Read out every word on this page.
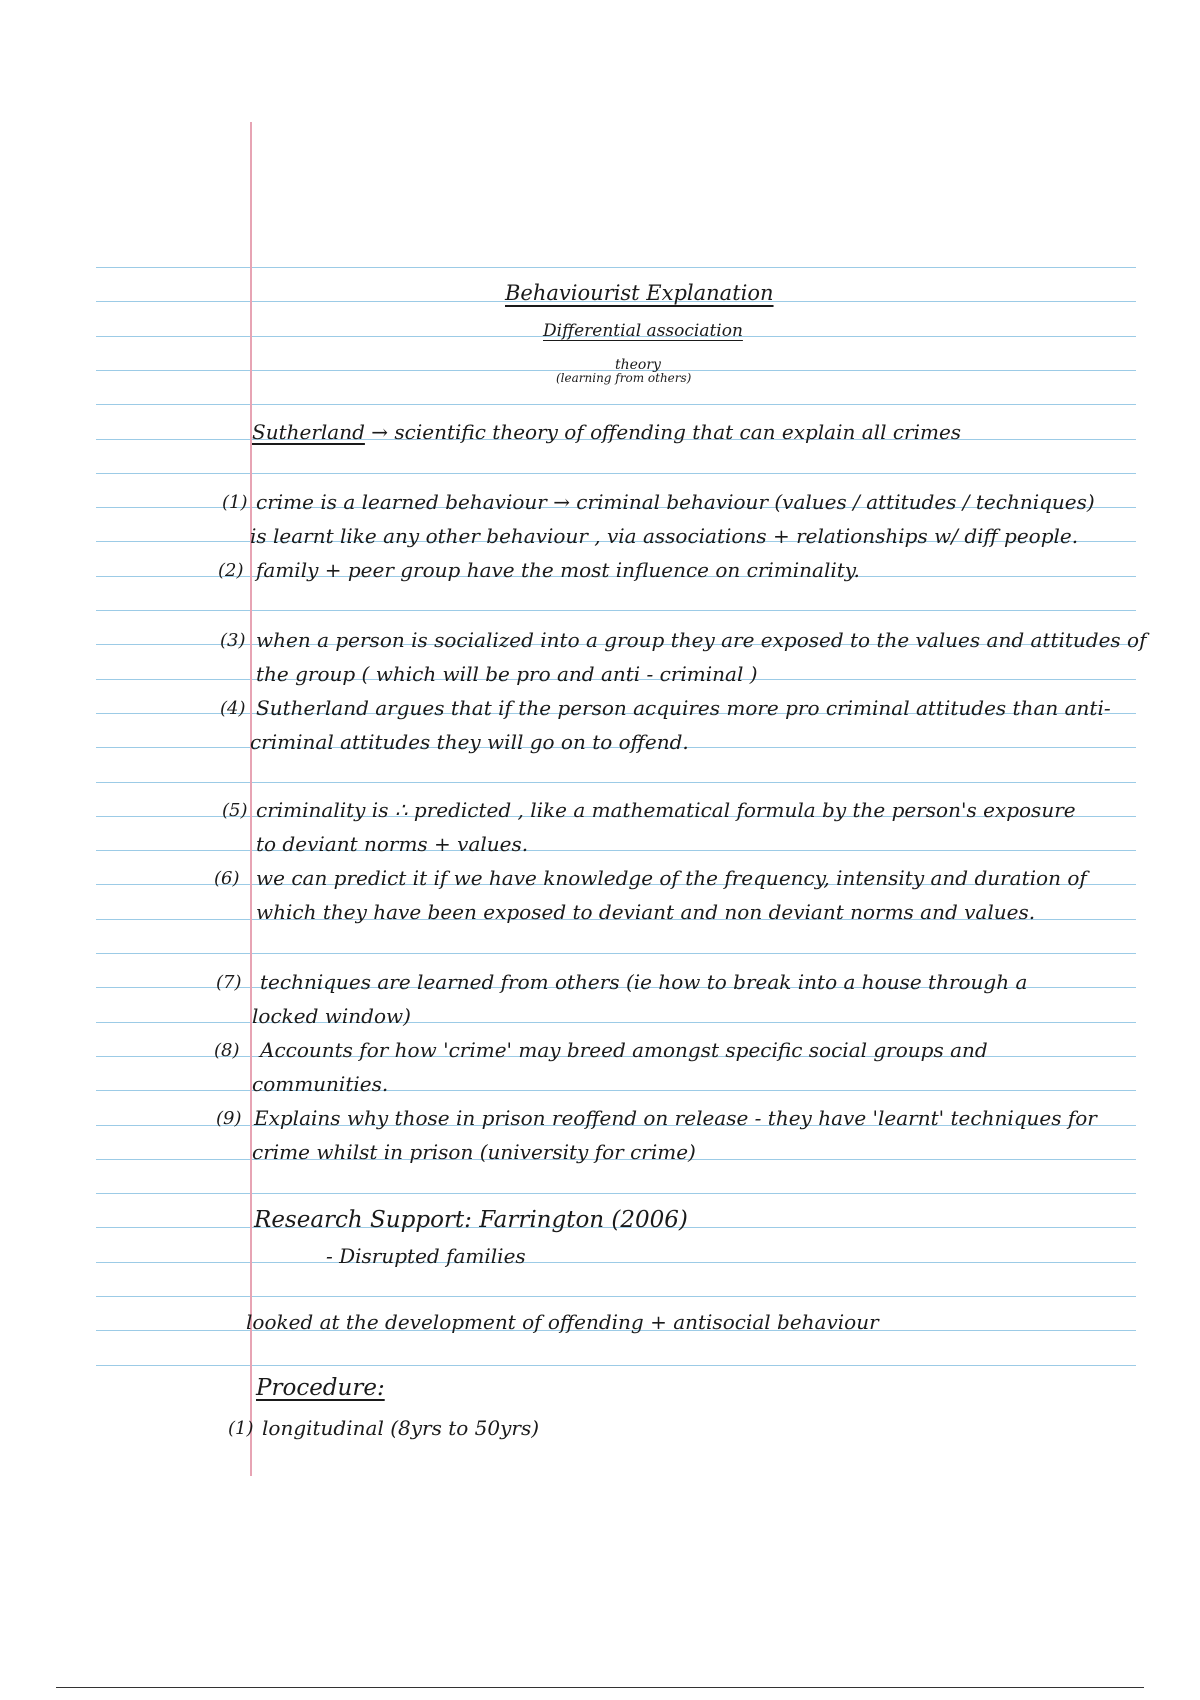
Behaviourist Explanation
Differential association
theory
(learning from others)
Sutherland → scientific theory of offending that can explain all crimes
(1) crime is a learned behaviour → criminal behaviour (values / attitudes / techniques)
is learnt like any other behaviour , via associations + relationships w/ diff people.
(2) family + peer group have the most influence on criminality.
(3) when a person is socialized into a group they are exposed to the values and attitudes of
the group ( which will be pro and anti - criminal )
(4) Sutherland argues that if the person acquires more pro criminal attitudes than anti-
criminal attitudes they will go on to offend.
(5) criminality is ∴ predicted , like a mathematical formula by the person's exposure
to deviant norms + values.
(6) we can predict it if we have knowledge of the frequency, intensity and duration of
which they have been exposed to deviant and non deviant norms and values.
(7) techniques are learned from others (ie how to break into a house through a
locked window)
(8) Accounts for how 'crime' may breed amongst specific social groups and
communities.
(9) Explains why those in prison reoffend on release - they have 'learnt' techniques for
crime whilst in prison (university for crime)
Research Support: Farrington (2006)
- Disrupted families
looked at the development of offending + antisocial behaviour
Procedure:
(1) longitudinal (8yrs to 50yrs)
